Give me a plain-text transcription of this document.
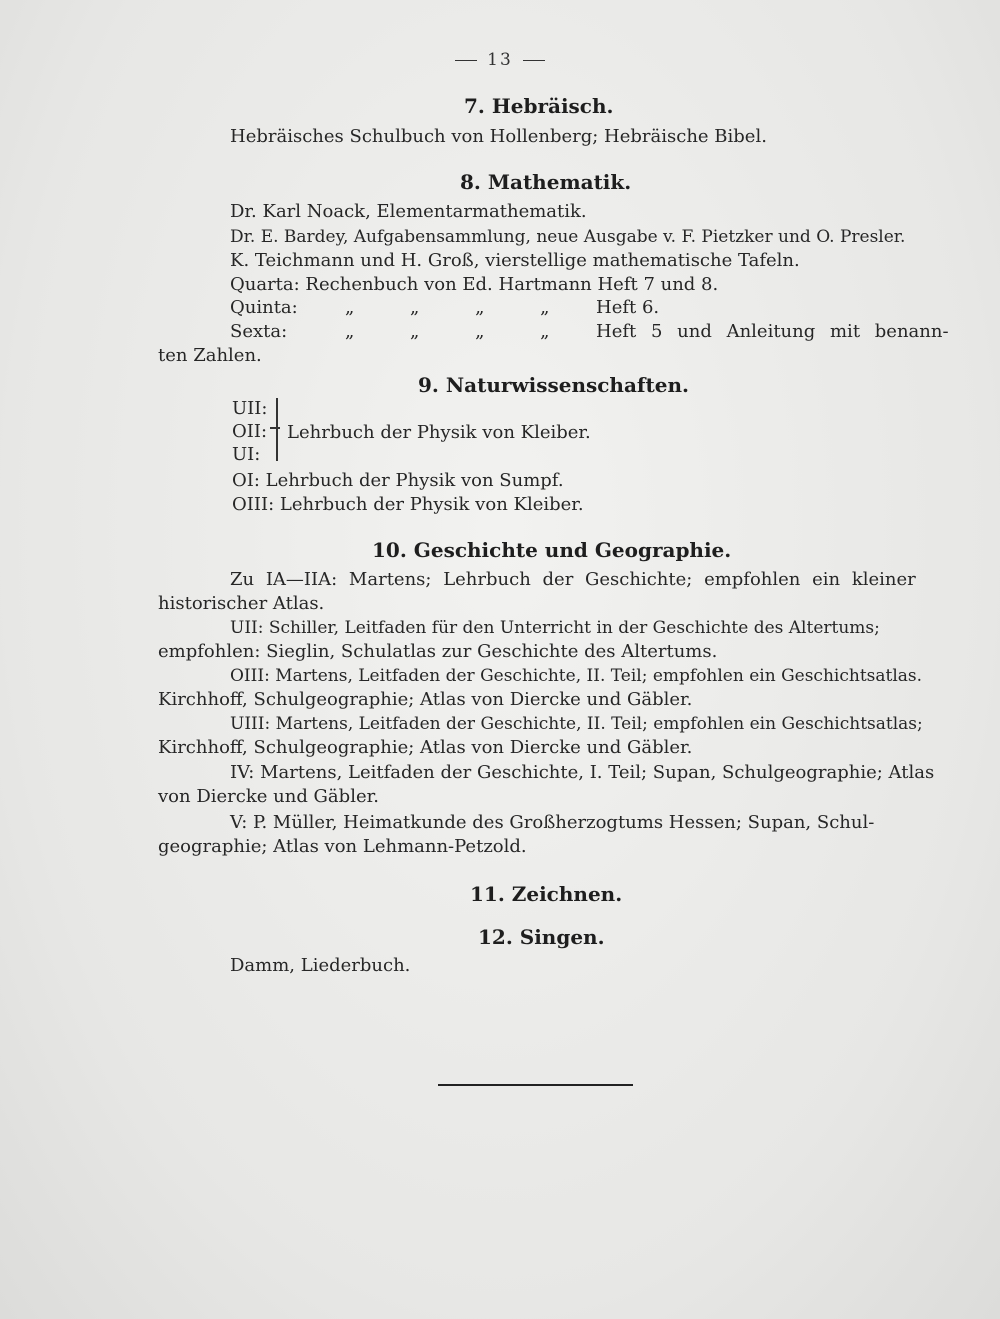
13
7. Hebräisch.
Hebräisches Schulbuch von Hollenberg; Hebräische Bibel.
8. Mathematik.
Dr. Karl Noack, Elementarmathematik.
Dr. E. Bardey, Aufgabensammlung, neue Ausgabe v. F. Pietzker und O. Presler.
K. Teichmann und H. Groß, vierstellige mathematische Tafeln.
Quarta: Rechenbuch von Ed. Hartmann Heft 7 und 8.
Quinta:	„ „ „ „	Heft 6.
Sexta:	„ „ „ „	Heft 5 und Anleitung mit benann-
ten Zahlen.
9. Naturwissenschaften.
UII:
OII:
UI:
Lehrbuch der Physik von Kleiber.
OI: Lehrbuch der Physik von Sumpf.
OIII: Lehrbuch der Physik von Kleiber.
10. Geschichte und Geographie.
Zu IA—IIA: Martens; Lehrbuch der Geschichte; empfohlen ein kleiner
historischer Atlas.
UII: Schiller, Leitfaden für den Unterricht in der Geschichte des Altertums;
empfohlen: Sieglin, Schulatlas zur Geschichte des Altertums.
OIII: Martens, Leitfaden der Geschichte, II. Teil; empfohlen ein Geschichtsatlas.
Kirchhoff, Schulgeographie; Atlas von Diercke und Gäbler.
UIII: Martens, Leitfaden der Geschichte, II. Teil; empfohlen ein Geschichtsatlas;
Kirchhoff, Schulgeographie; Atlas von Diercke und Gäbler.
IV: Martens, Leitfaden der Geschichte, I. Teil; Supan, Schulgeographie; Atlas
von Diercke und Gäbler.
V: P. Müller, Heimatkunde des Großherzogtums Hessen; Supan, Schul-
geographie; Atlas von Lehmann-Petzold.
11. Zeichnen.
12. Singen.
Damm, Liederbuch.
